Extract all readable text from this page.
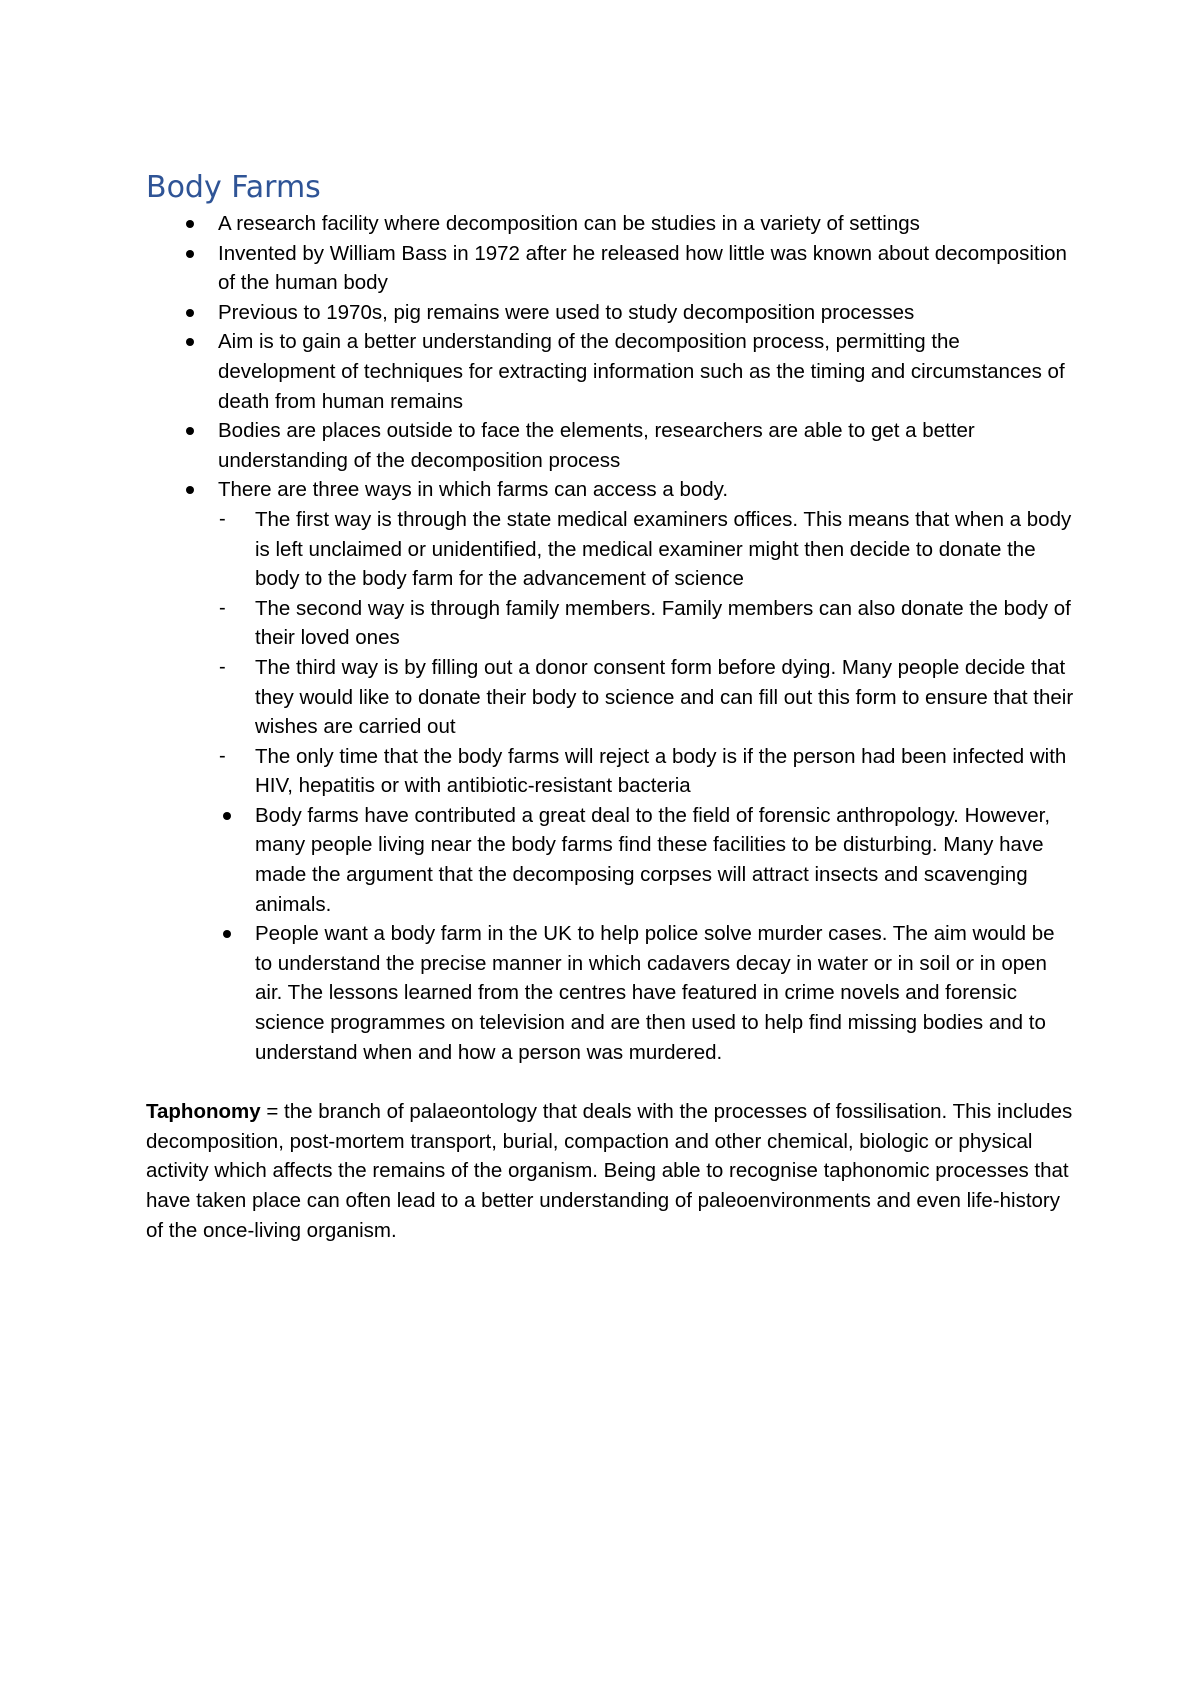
Body Farms
A research facility where decomposition can be studies in a variety of settings
Invented by William Bass in 1972 after he released how little was known about decomposition of the human body
Previous to 1970s, pig remains were used to study decomposition processes
Aim is to gain a better understanding of the decomposition process, permitting the development of techniques for extracting information such as the timing and circumstances of death from human remains
Bodies are places outside to face the elements, researchers are able to get a better understanding of the decomposition process
There are three ways in which farms can access a body.
-	The first way is through the state medical examiners offices. This means that when a body is left unclaimed or unidentified, the medical examiner might then decide to donate the body to the body farm for the advancement of science
-	The second way is through family members. Family members can also donate the body of their loved ones
-	The third way is by filling out a donor consent form before dying. Many people decide that they would like to donate their body to science and can fill out this form to ensure that their wishes are carried out
-	The only time that the body farms will reject a body is if the person had been infected with HIV, hepatitis or with antibiotic-resistant bacteria
Body farms have contributed a great deal to the field of forensic anthropology. However, many people living near the body farms find these facilities to be disturbing. Many have made the argument that the decomposing corpses will attract insects and scavenging animals.
People want a body farm in the UK to help police solve murder cases. The aim would be to understand the precise manner in which cadavers decay in water or in soil or in open air. The lessons learned from the centres have featured in crime novels and forensic science programmes on television and are then used to help find missing bodies and to understand when and how a person was murdered.

Taphonomy = the branch of palaeontology that deals with the processes of fossilisation. This includes decomposition, post-mortem transport, burial, compaction and other chemical, biologic or physical activity which affects the remains of the organism. Being able to recognise taphonomic processes that have taken place can often lead to a better understanding of paleoenvironments and even life-history of the once-living organism.
